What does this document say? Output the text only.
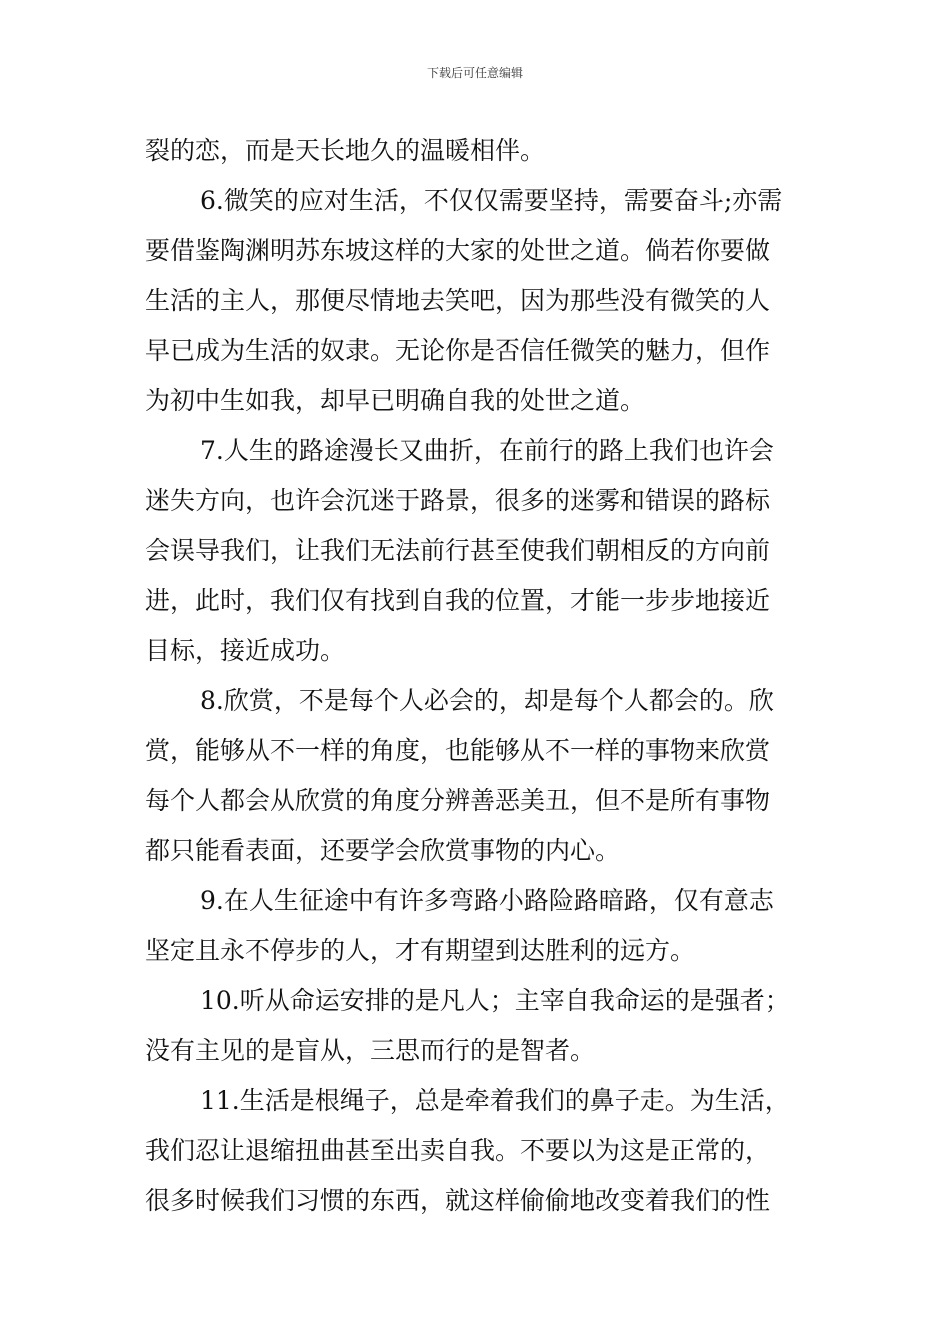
下载后可任意编辑
裂的恋，而是天长地久的温暖相伴。
6.微笑的应对生活，不仅仅需要坚持，需要奋斗;亦需
要借鉴陶渊明苏东坡这样的大家的处世之道。倘若你要做
生活的主人，那便尽情地去笑吧，因为那些没有微笑的人
早已成为生活的奴隶。无论你是否信任微笑的魅力，但作
为初中生如我，却早已明确自我的处世之道。
7.人生的路途漫长又曲折，在前行的路上我们也许会
迷失方向，也许会沉迷于路景，很多的迷雾和错误的路标
会误导我们，让我们无法前行甚至使我们朝相反的方向前
进，此时，我们仅有找到自我的位置，才能一步步地接近
目标，接近成功。
8.欣赏，不是每个人必会的，却是每个人都会的。欣
赏，能够从不一样的角度，也能够从不一样的事物来欣赏
每个人都会从欣赏的角度分辨善恶美丑，但不是所有事物
都只能看表面，还要学会欣赏事物的内心。
9.在人生征途中有许多弯路小路险路暗路，仅有意志
坚定且永不停步的人，才有期望到达胜利的远方。
10.听从命运安排的是凡人；主宰自我命运的是强者；
没有主见的是盲从，三思而行的是智者。
11.生活是根绳子，总是牵着我们的鼻子走。为生活，
我们忍让退缩扭曲甚至出卖自我。不要以为这是正常的，
很多时候我们习惯的东西，就这样偷偷地改变着我们的性
